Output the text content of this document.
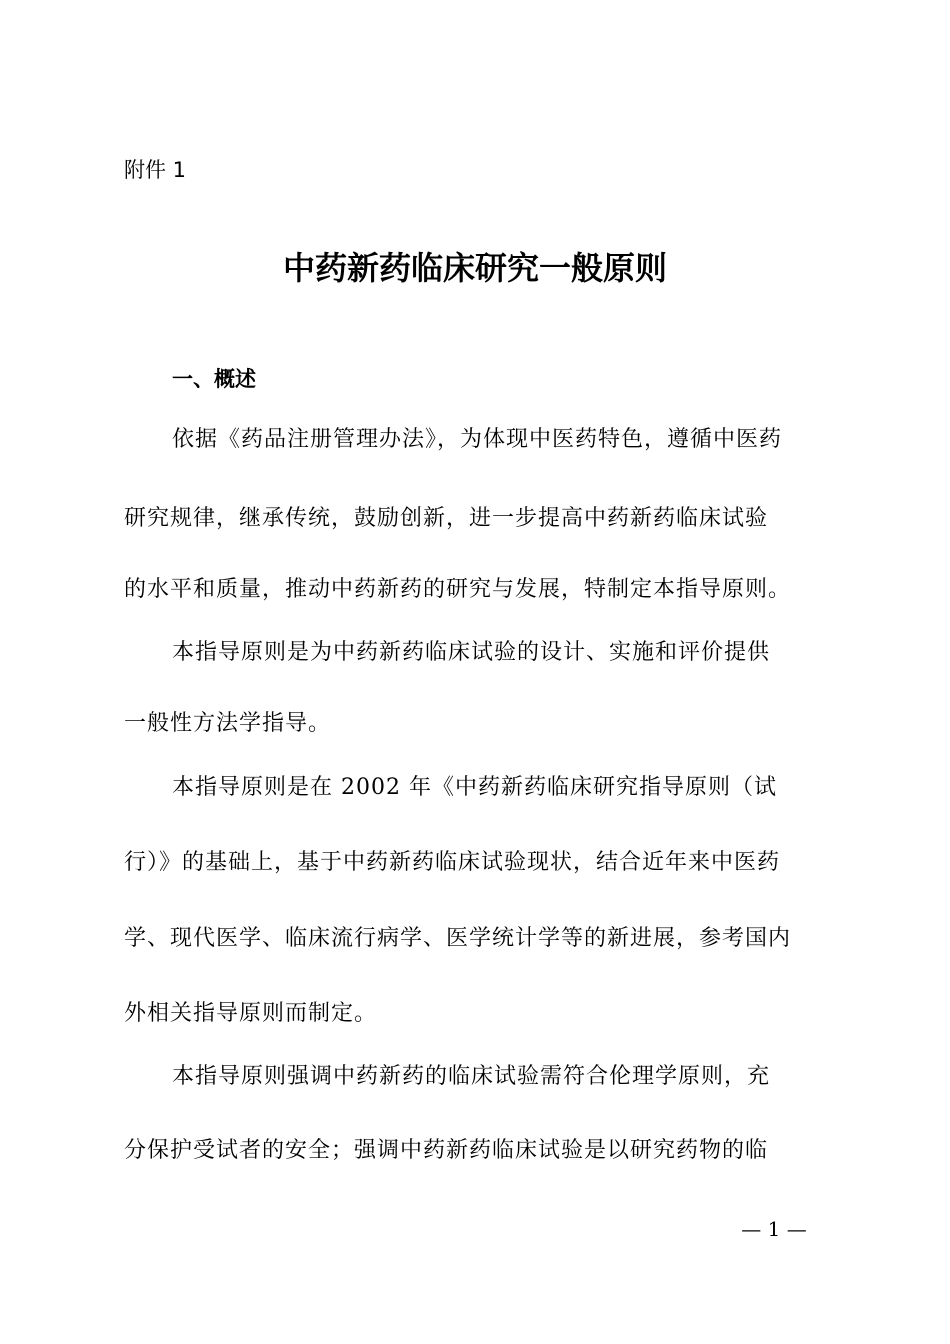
附件 1
中药新药临床研究一般原则
一、概述
依据《药品注册管理办法》，为体现中医药特色，遵循中医药
研究规律，继承传统，鼓励创新，进一步提高中药新药临床试验
的水平和质量，推动中药新药的研究与发展，特制定本指导原则。
本指导原则是为中药新药临床试验的设计、实施和评价提供
一般性方法学指导。
本指导原则是在 2002 年《中药新药临床研究指导原则（试
行）》的基础上，基于中药新药临床试验现状，结合近年来中医药
学、现代医学、临床流行病学、医学统计学等的新进展，参考国内
外相关指导原则而制定。
本指导原则强调中药新药的临床试验需符合伦理学原则，充
分保护受试者的安全；强调中药新药临床试验是以研究药物的临
— 1 —
